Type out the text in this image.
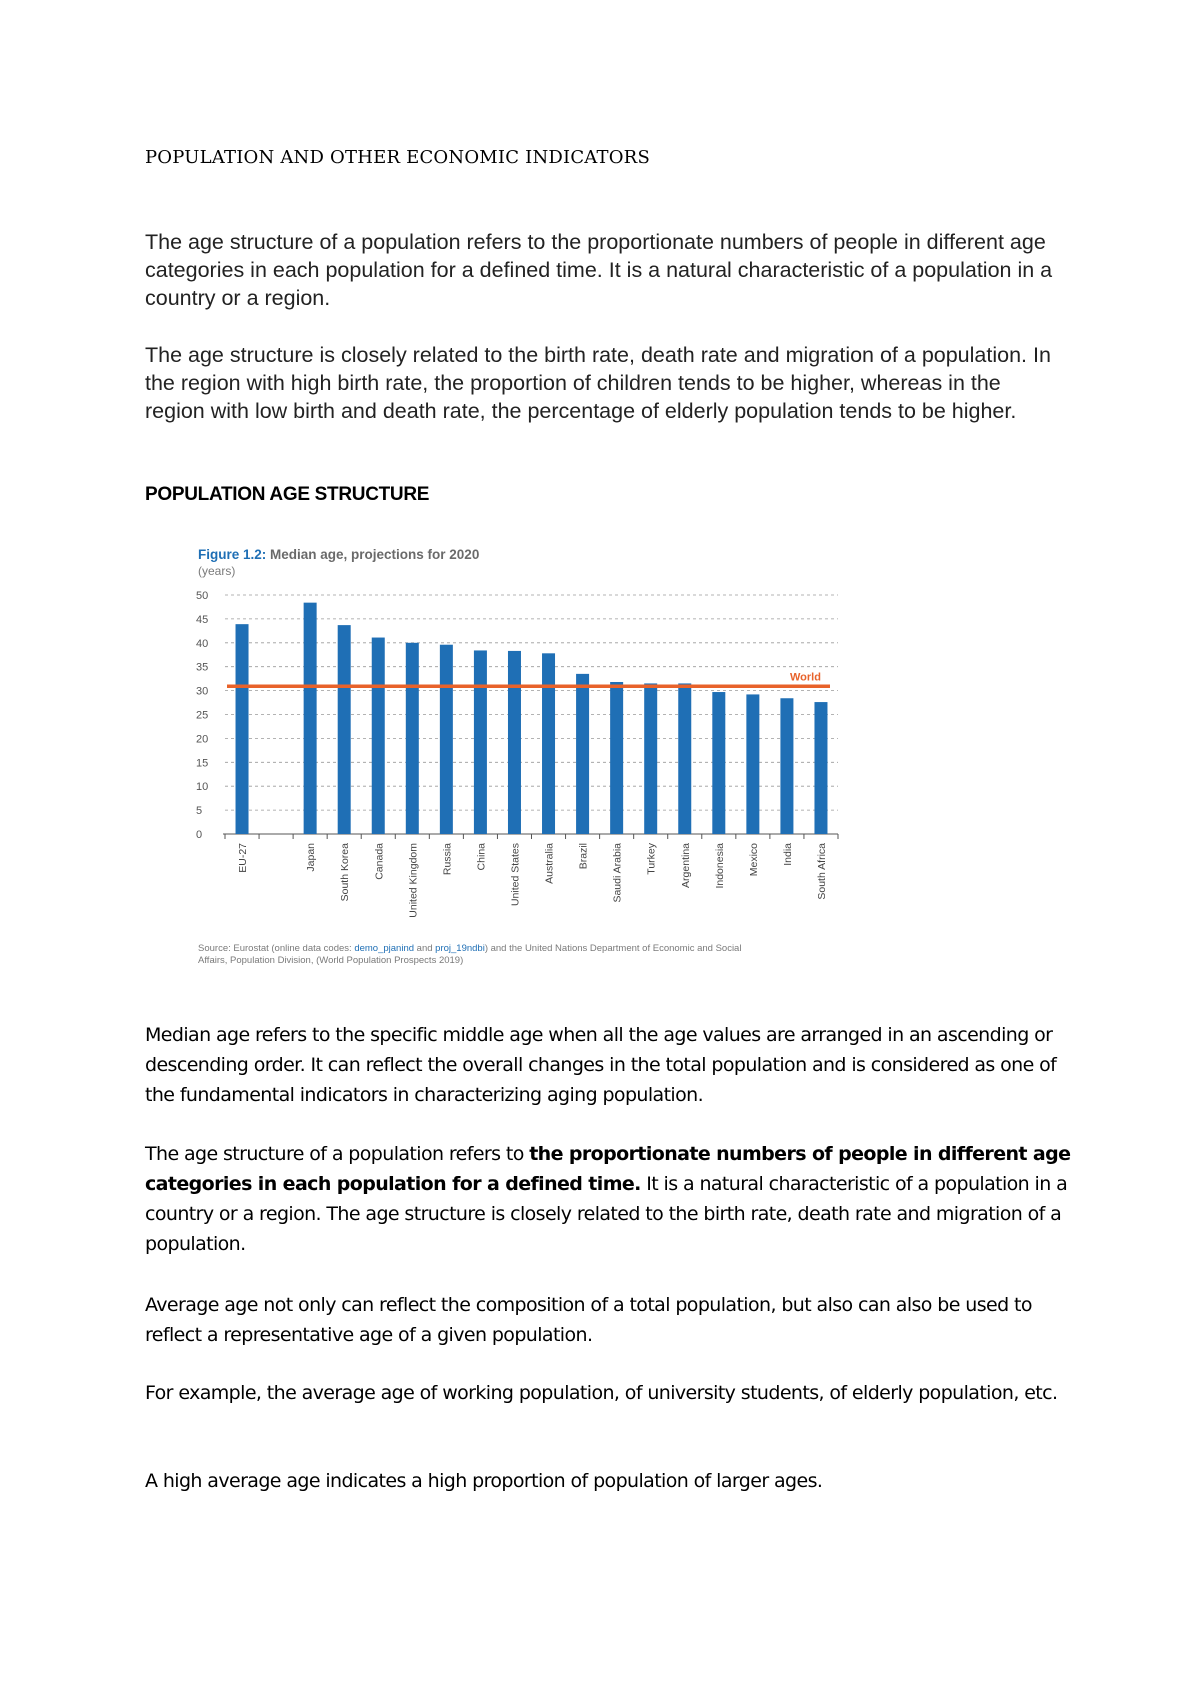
POPULATION AND OTHER ECONOMIC INDICATORS

The age structure of a population refers to the proportionate numbers of people in different age categories in each population for a defined time. It is a natural characteristic of a population in a country or a region.

The age structure is closely related to the birth rate, death rate and migration of a population. In the region with high birth rate, the proportion of children tends to be higher, whereas in the region with low birth and death rate, the percentage of elderly population tends to be higher.

POPULATION AGE STRUCTURE
0
5
10
15
20
25
30
35
40
45
50
EU-27	Japan South Korea Canada United Kingdom Russia China United States Australia Brazil Saudi Arabia Turkey Argentina Indonesia Mexico India South Africa
World

Figure 1.2: Median age, projections for 2020

(years)

Source: Eurostat (online data codes: demo_pjanind and proj_19ndbi) and the United Nations Department of Economic and Social Affairs, Population Division, (World Population Prospects 2019)

Median age refers to the specific middle age when all the age values are arranged in an ascending or descending order. It can reflect the overall changes in the total population and is considered as one of the fundamental indicators in characterizing aging population.

The age structure of a population refers to the proportionate numbers of people in different age categories in each population for a defined time. It is a natural characteristic of a population in a country or a region. The age structure is closely related to the birth rate, death rate and migration of a population.

Average age not only can reflect the composition of a total population, but also can also be used to reflect a representative age of a given population.

For example, the average age of working population, of university students, of elderly population, etc.

A high average age indicates a high proportion of population of larger ages.
